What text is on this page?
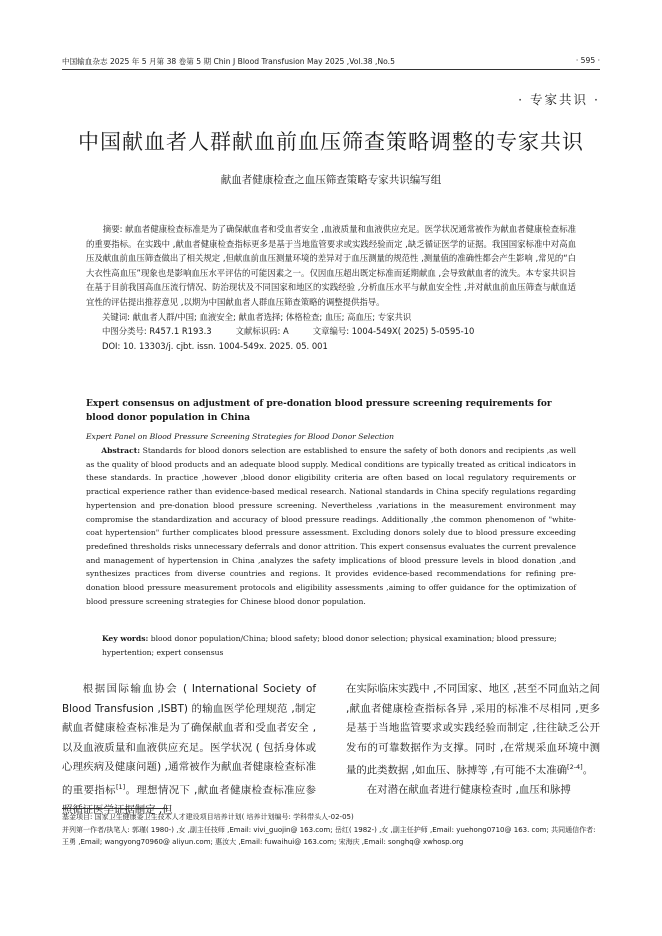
中国输血杂志 2025 年 5 月第 38 卷第 5 期 Chin J Blood Transfusion May 2025 ,Vol.38 ,No.5	· 595 ·
· 专家共识 ·
中国献血者人群献血前血压筛查策略调整的专家共识
献血者健康检查之血压筛查策略专家共识编写组

摘要: 献血者健康检查标准是为了确保献血者和受血者安全 ,血液质量和血液供应充足。医学状况通常被作为献血者健康检查标准的重要指标。在实践中 ,献血者健康检查指标更多是基于当地监管要求或实践经验而定 ,缺乏循证医学的证据。我国国家标准中对高血压及献血前血压筛查做出了相关规定 ,但献血前血压测量环境的差异对于血压测量的规范性 ,测量值的准确性都会产生影响 ,常见的“白大衣性高血压”现象也是影响血压水平评估的可能因素之一。仅因血压超出既定标准而延期献血 ,会导致献血者的流失。本专家共识旨在基于目前我国高血压流行情况、防治现状及不同国家和地区的实践经验 ,分析血压水平与献血安全性 ,并对献血前血压筛查与献血适宜性的评估提出推荐意见 ,以期为中国献血者人群血压筛查策略的调整提供指导。

关键词: 献血者人群/中国; 血液安全; 献血者选择; 体格检查; 血压; 高血压; 专家共识
中图分类号: R457.1 R193.3	文献标识码: A	文章编号: 1004-549X( 2025) 5-0595-10
DOI: 10. 13303/j. cjbt. issn. 1004-549x. 2025. 05. 001
Expert consensus on adjustment of pre-donation blood pressure screening requirements for blood donor population in China
Expert Panel on Blood Pressure Screening Strategies for Blood Donor Selection

Abstract: Standards for blood donors selection are established to ensure the safety of both donors and recipients ,as well as the quality of blood products and an adequate blood supply. Medical conditions are typically treated as critical indicators in these standards. In practice ,however ,blood donor eligibility criteria are often based on local regulatory requirements or practical experience rather than evidence-based medical research. National standards in China specify regulations regarding hypertension and pre-donation blood pressure screening. Nevertheless ,variations in the measurement environment may compromise the standardization and accuracy of blood pressure readings. Additionally ,the common phenomenon of "white-coat hypertension" further complicates blood pressure assessment. Excluding donors solely due to blood pressure exceeding predefined thresholds risks unnecessary deferrals and donor attrition. This expert consensus evaluates the current prevalence and management of hypertension in China ,analyzes the safety implications of blood pressure levels in blood donation ,and synthesizes practices from diverse countries and regions. It provides evidence-based recommendations for refining pre-donation blood pressure measurement protocols and eligibility assessments ,aiming to offer guidance for the optimization of blood pressure screening strategies for Chinese blood donor population.

Key words: blood donor population/China; blood safety; blood donor selection; physical examination; blood pressure; hypertention; expert consensus

根据国际输血协会 ( International Society of Blood Transfusion ,ISBT) 的输血医学伦理规范 ,制定献血者健康检查标准是为了确保献血者和受血者安全 ,以及血液质量和血液供应充足。医学状况 ( 包括身体或心理疾病及健康问题) ,通常被作为献血者健康检查标准的重要指标[1]。理想情况下 ,献血者健康检查标准应参照循证医学证据制定 ,但

在实际临床实践中 ,不同国家、地区 ,甚至不同血站之间 ,献血者健康检查指标各异 ,采用的标准不尽相同 ,更多是基于当地监管要求或实践经验而制定 ,往往缺乏公开发布的可靠数据作为支撑。同时 ,在常规采血环境中测量的此类数据 ,如血压、脉搏等 ,有可能不太准确[2-4]。

在对潜在献血者进行健康检查时 ,血压和脉搏

基金项目: 国家卫生健康委卫生技术人才建设项目培养计划( 培养计划编号: 学科带头人-02-05)

并列第一作者/执笔人: 郭瑾( 1980-) ,女 ,副主任技师 ,Email: vivi_guojin@ 163.com; 岳红( 1982-) ,女 ,副主任护师 ,Email: yuehong0710@ 163. com; 共同通信作者: 王勇 ,Email; wangyong70960@ aliyun.com; 惠汝大 ,Email: fuwaihui@ 163.com; 宋海庆 ,Email: songhq@ xwhosp.org
